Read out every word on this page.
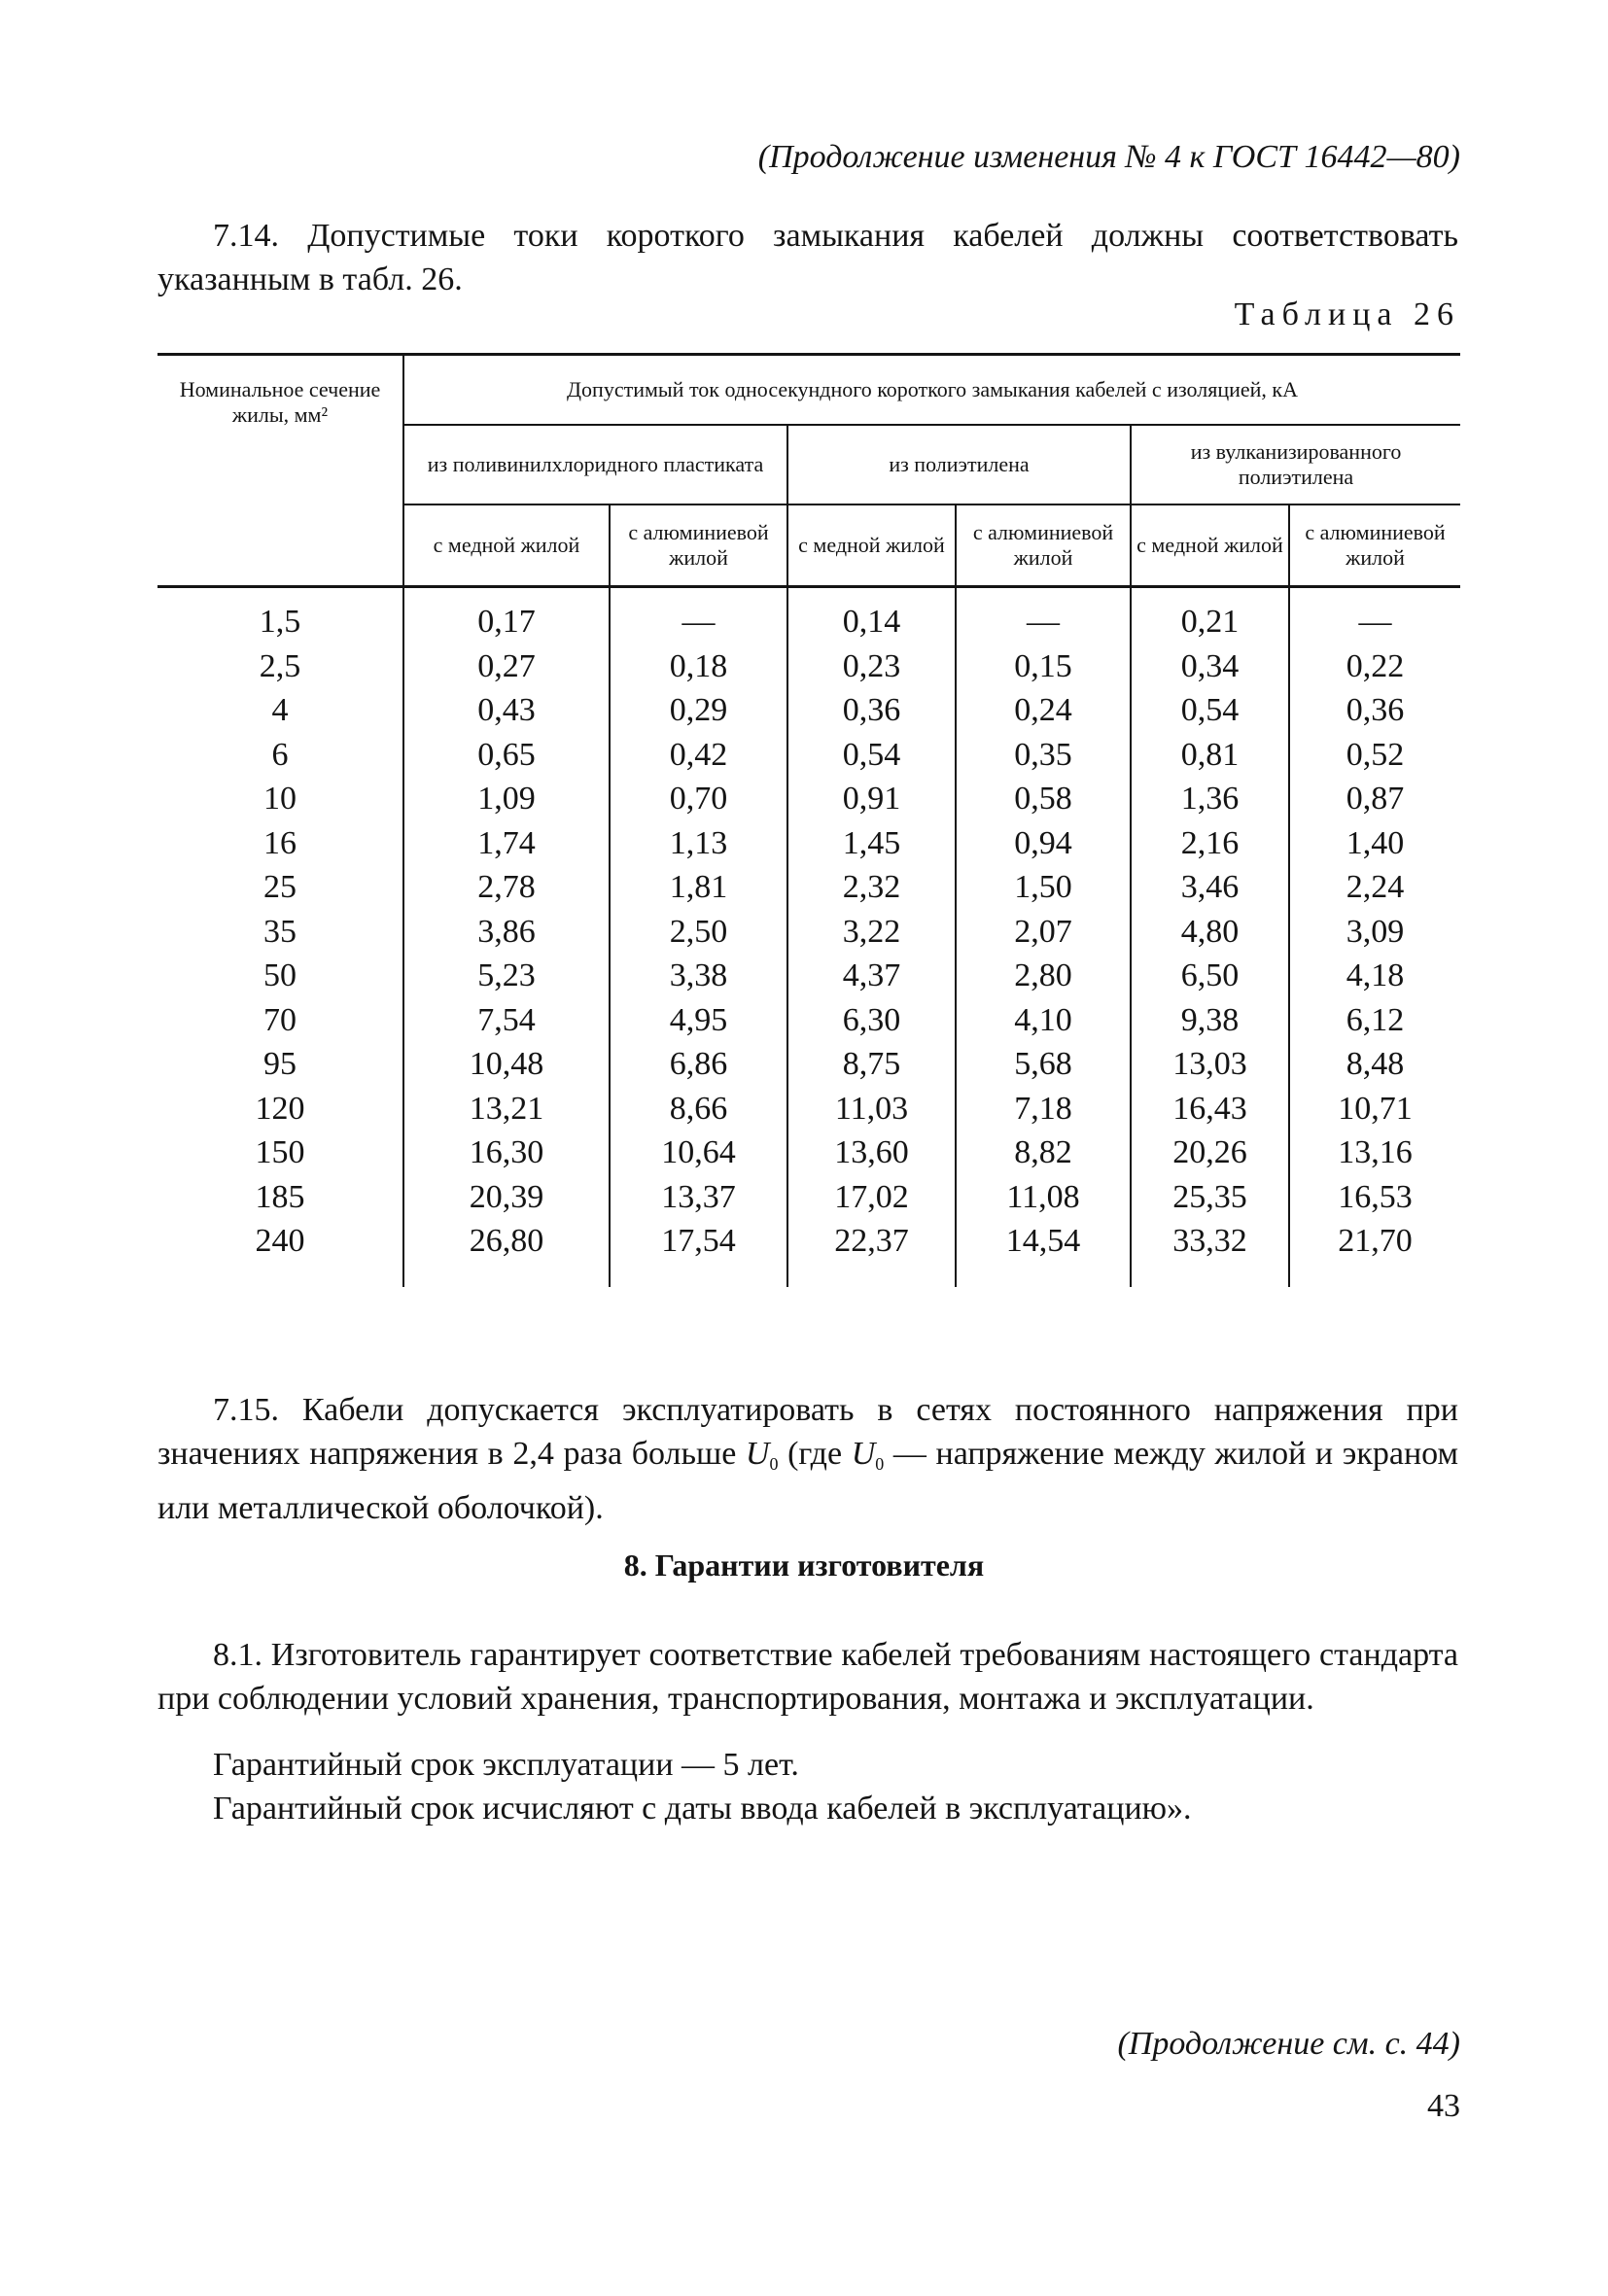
(Продолжение изменения № 4 к ГОСТ 16442—80)

7.14. Допустимые токи короткого замыкания кабелей должны соответствовать указанным в табл. 26.

Таблица 26
Номинальное сечение жилы, мм²	Допустимый ток односекундного короткого замыкания кабелей с изоляцией, кА					
	из поливинилхлоридного пластиката		из полиэтилена		из вулканизированного полиэтилена	
	с медной жилой	с алюминиевой жилой	с медной жилой	с алюминиевой жилой	с медной жилой	с алюминиевой жилой
1,5	0,17	—	0,14	—	0,21	—
2,5	0,27	0,18	0,23	0,15	0,34	0,22
4	0,43	0,29	0,36	0,24	0,54	0,36
6	0,65	0,42	0,54	0,35	0,81	0,52
10	1,09	0,70	0,91	0,58	1,36	0,87
16	1,74	1,13	1,45	0,94	2,16	1,40
25	2,78	1,81	2,32	1,50	3,46	2,24
35	3,86	2,50	3,22	2,07	4,80	3,09
50	5,23	3,38	4,37	2,80	6,50	4,18
70	7,54	4,95	6,30	4,10	9,38	6,12
95	10,48	6,86	8,75	5,68	13,03	8,48
120	13,21	8,66	11,03	7,18	16,43	10,71
150	16,30	10,64	13,60	8,82	20,26	13,16
185	20,39	13,37	17,02	11,08	25,35	16,53
240	26,80	17,54	22,37	14,54	33,32	21,70

7.15. Кабели допускается эксплуатировать в сетях постоянного напряжения при значениях напряжения в 2,4 раза больше $U_0$ (где $U_0$ — напряжение между жилой и экраном или металлической оболочкой).

8. Гарантии изготовителя

8.1. Изготовитель гарантирует соответствие кабелей требованиям настоящего стандарта при соблюдении условий хранения, транспортирования, монтажа и эксплуатации.

Гарантийный срок эксплуатации — 5 лет.

Гарантийный срок исчисляют с даты ввода кабелей в эксплуатацию».

(Продолжение см. с. 44)
43
